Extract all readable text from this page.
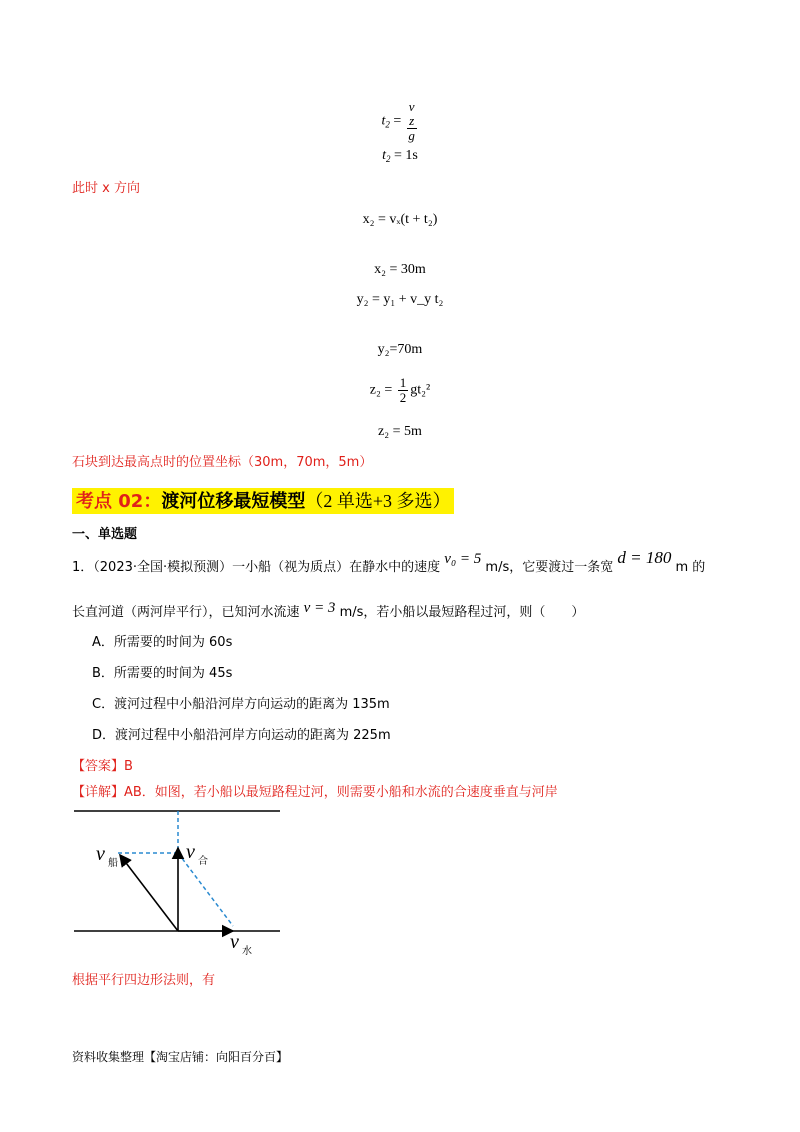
$t_2 = v$
z
g
$t_2 = 1s$
此时 x 方向
x₂ = vₓ(t + t₂)
x₂ = 30m
y₂ = y₁ + v_y t₂
y₂=70m
$z_2 = \frac{1}{2} gt_2^2$
z₂ = 5m
石块到达最高点时的位置坐标（30m，70m，5m）
考点 02：渡河位移最短模型（2 单选+3 多选）
一、单选题
1．（2023·全国·模拟预测）一小船（视为质点）在静水中的速度 v₀ = 5 m/s，它要渡过一条宽 d = 180 m 的
长直河道（两河岸平行），已知河水流速 v = 3 m/s，若小船以最短路程过河，则（　　）
A．所需要的时间为 60s
B．所需要的时间为 45s
C．渡河过程中小船沿河岸方向运动的距离为 135m
D．渡河过程中小船沿河岸方向运动的距离为 225m
【答案】B
【详解】AB．如图，若小船以最短路程过河，则需要小船和水流的合速度垂直与河岸
v 船
v 合
v 水
根据平行四边形法则，有
资料收集整理【淘宝店铺：向阳百分百】
